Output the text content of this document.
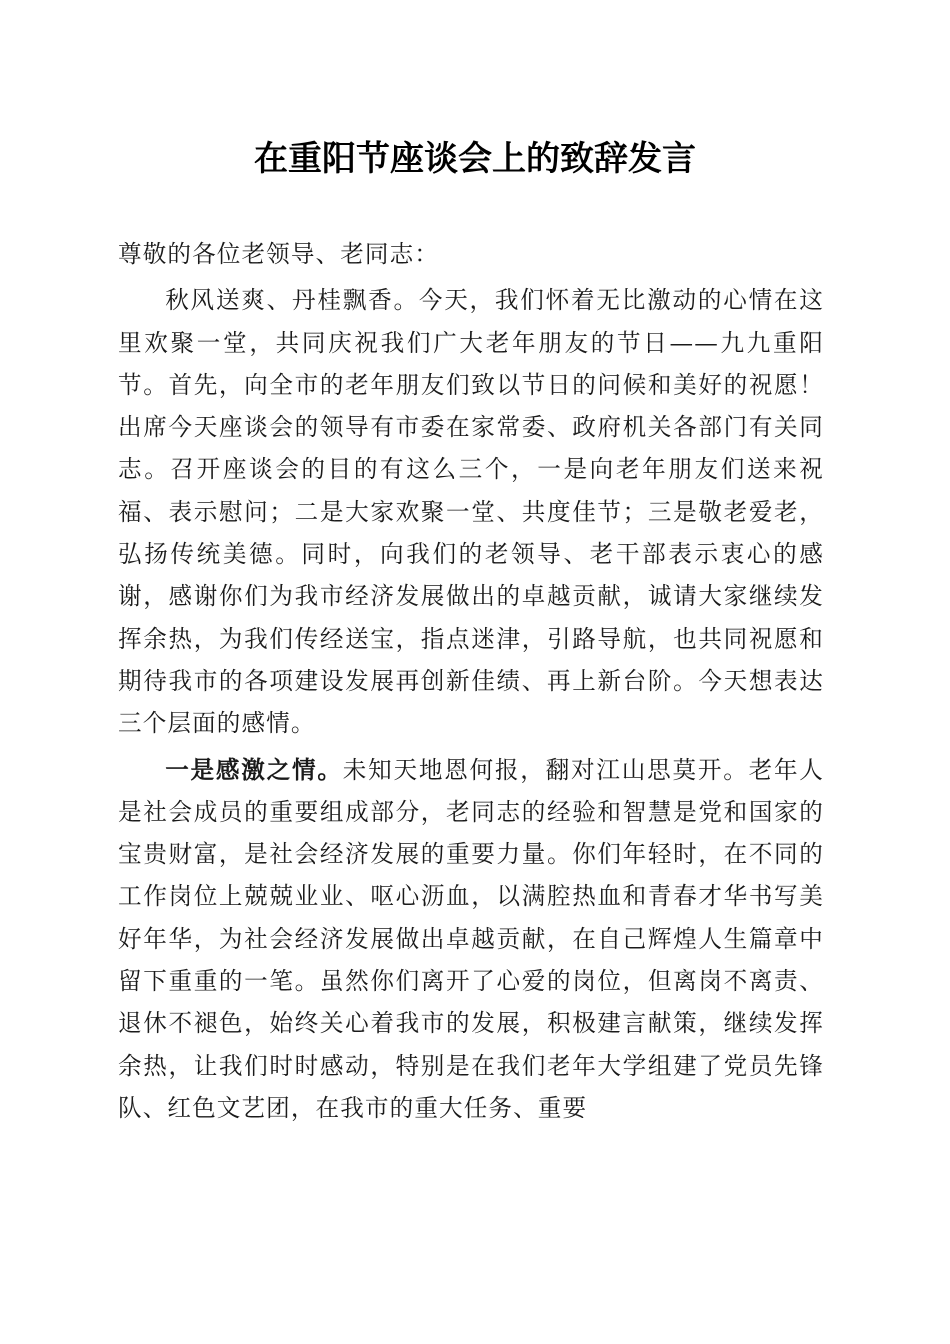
在重阳节座谈会上的致辞发言

尊敬的各位老领导、老同志：

秋风送爽、丹桂飘香。今天，我们怀着无比激动的心情在这里欢聚一堂，共同庆祝我们广大老年朋友的节日——九九重阳节。首先，向全市的老年朋友们致以节日的问候和美好的祝愿！出席今天座谈会的领导有市委在家常委、政府机关各部门有关同志。召开座谈会的目的有这么三个，一是向老年朋友们送来祝福、表示慰问；二是大家欢聚一堂、共度佳节；三是敬老爱老，弘扬传统美德。同时，向我们的老领导、老干部表示衷心的感谢，感谢你们为我市经济发展做出的卓越贡献，诚请大家继续发挥余热，为我们传经送宝，指点迷津，引路导航，也共同祝愿和期待我市的各项建设发展再创新佳绩、再上新台阶。今天想表达三个层面的感情。

一是感激之情。未知天地恩何报，翻对江山思莫开。老年人是社会成员的重要组成部分，老同志的经验和智慧是党和国家的宝贵财富，是社会经济发展的重要力量。你们年轻时，在不同的工作岗位上兢兢业业、呕心沥血，以满腔热血和青春才华书写美好年华，为社会经济发展做出卓越贡献，在自己辉煌人生篇章中留下重重的一笔。虽然你们离开了心爱的岗位，但离岗不离责、退休不褪色，始终关心着我市的发展，积极建言献策，继续发挥余热，让我们时时感动，特别是在我们老年大学组建了党员先锋队、红色文艺团，在我市的重大任务、重要
